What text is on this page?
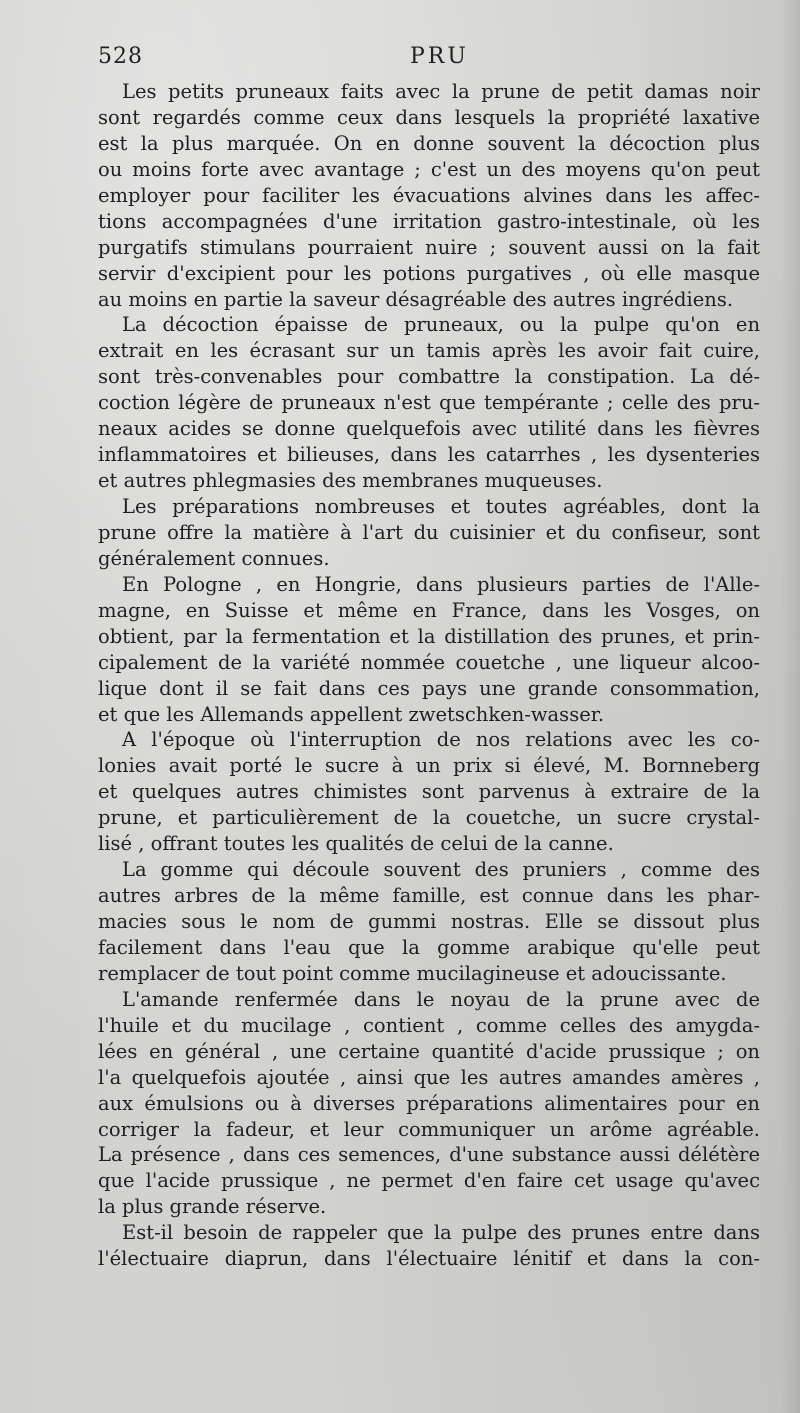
528	PRU
Les petits pruneaux faits avec la prune de petit damas noir
sont regardés comme ceux dans lesquels la propriété laxative
est la plus marquée. On en donne souvent la décoction plus
ou moins forte avec avantage ; c'est un des moyens qu'on peut
employer pour faciliter les évacuations alvines dans les affec-
tions accompagnées d'une irritation gastro-intestinale, où les
purgatifs stimulans pourraient nuire ; souvent aussi on la fait
servir d'excipient pour les potions purgatives , où elle masque
au moins en partie la saveur désagréable des autres ingrédiens.
La décoction épaisse de pruneaux, ou la pulpe qu'on en
extrait en les écrasant sur un tamis après les avoir fait cuire,
sont très-convenables pour combattre la constipation. La dé-
coction légère de pruneaux n'est que tempérante ; celle des pru-
neaux acides se donne quelquefois avec utilité dans les fièvres
inflammatoires et bilieuses, dans les catarrhes , les dysenteries
et autres phlegmasies des membranes muqueuses.
Les préparations nombreuses et toutes agréables, dont la
prune offre la matière à l'art du cuisinier et du confiseur, sont
généralement connues.
En Pologne , en Hongrie, dans plusieurs parties de l'Alle-
magne, en Suisse et même en France, dans les Vosges, on
obtient, par la fermentation et la distillation des prunes, et prin-
cipalement de la variété nommée couetche , une liqueur alcoo-
lique dont il se fait dans ces pays une grande consommation,
et que les Allemands appellent zwetschken-wasser.
A l'époque où l'interruption de nos relations avec les co-
lonies avait porté le sucre à un prix si élevé, M. Bornneberg
et quelques autres chimistes sont parvenus à extraire de la
prune, et particulièrement de la couetche, un sucre crystal-
lisé , offrant toutes les qualités de celui de la canne.
La gomme qui découle souvent des pruniers , comme des
autres arbres de la même famille, est connue dans les phar-
macies sous le nom de gummi nostras. Elle se dissout plus
facilement dans l'eau que la gomme arabique qu'elle peut
remplacer de tout point comme mucilagineuse et adoucissante.
L'amande renfermée dans le noyau de la prune avec de
l'huile et du mucilage , contient , comme celles des amygda-
lées en général , une certaine quantité d'acide prussique ; on
l'a quelquefois ajoutée , ainsi que les autres amandes amères ,
aux émulsions ou à diverses préparations alimentaires pour en
corriger la fadeur, et leur communiquer un arôme agréable.
La présence , dans ces semences, d'une substance aussi délétère
que l'acide prussique , ne permet d'en faire cet usage qu'avec
la plus grande réserve.
Est-il besoin de rappeler que la pulpe des prunes entre dans
l'électuaire diaprun, dans l'électuaire lénitif et dans la con-
